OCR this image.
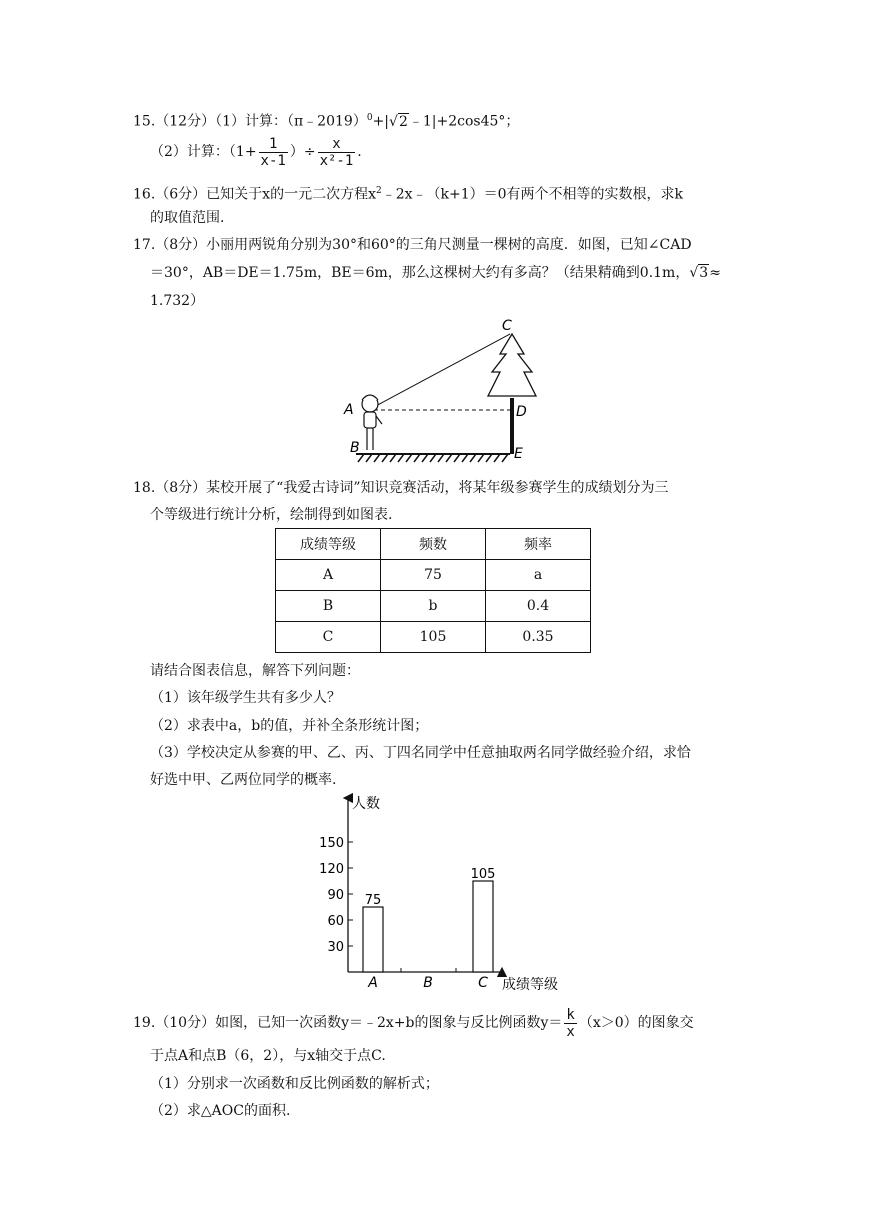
15.（12分）（1）计算：（π﹣2019）$^0$+|√2﹣1|+2cos45°；
（2）计算：（$1+ \frac{1}{x-1}$ ）÷ $\frac{x}{\text{x²-1}}$ .
16.（6分）已知关于x的一元二次方程$x^2﹣2x﹣(k+1)=0$有两个不相等的实数根，求k
的取值范围.
17.（8分）小丽用两锐角分别为30°和60°的三角尺测量一棵树的高度．如图，已知∠CAD
＝30°，AB＝DE＝1.75m，BE＝6m，那么这棵树大约有多高？（结果精确到0.1m，√3≈
1.732）
C
A	D
B	E
18.（8分）某校开展了“我爱古诗词”知识竞赛活动，将某年级参赛学生的成绩划分为三
个等级进行统计分析，绘制得到如图表.
成绩等级	频数	频率
A	75	a
B	b	0.4
C	105	0.35
请结合图表信息，解答下列问题：
（1）该年级学生共有多少人？
（2）求表中a，b的值，并补全条形统计图；
（3）学校决定从参赛的甲、乙、丙、丁四名同学中任意抽取两名同学做经验介绍，求恰
好选中甲、乙两位同学的概率.
人数
成绩等级
30
60
90
120
150
75
A	B
105
C
19.（10分）如图，已知一次函数y＝﹣2x+b的图象与反比例函数$y= \frac{k}{x} (x>0)$的图象交
于点A和点B（6，2），与x轴交于点C.
（1）分别求一次函数和反比例函数的解析式；
（2）求△AOC的面积.
